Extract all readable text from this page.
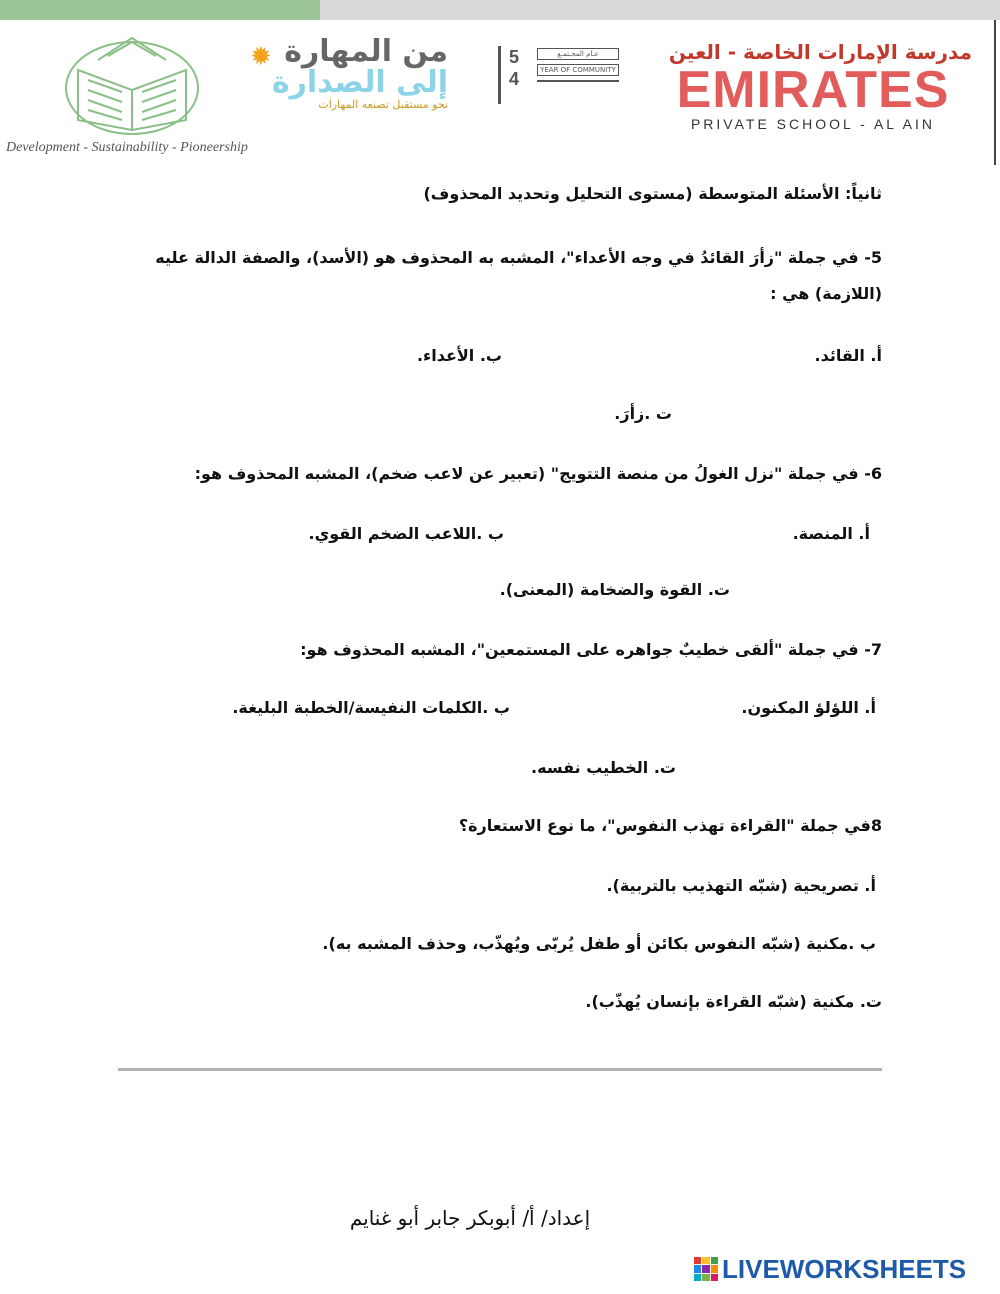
مدرسة الإمارات الخاصة - العين
EMIRATES
PRIVATE SCHOOL - AL AIN
5
4
عـام المجـتمـع
YEAR OF COMMUNITY
✹ من المهارة
إلى الصدارة
نحو مستقبل تصنعه المهارات
Development - Sustainability - Pioneership
ثانياً: الأسئلة المتوسطة (مستوى التحليل وتحديد المحذوف)
5- في جملة "زأرَ القائدُ في وجه الأعداء"، المشبه به المحذوف هو (الأسد)، والصفة الدالة عليه (اللازمة) هي :
أ. القائد.
ب. الأعداء.
ت .زأرَ.
6- في جملة "نزل الغولُ من منصة التتويج" (تعبير عن لاعب ضخم)، المشبه المحذوف هو:
أ. المنصة.
ب .اللاعب الضخم القوي.
ت. القوة والضخامة (المعنى).
7- في جملة "ألقى خطيبٌ جواهره على المستمعين"، المشبه المحذوف هو:
أ. اللؤلؤ المكنون.
ب .الكلمات النفيسة/الخطبة البليغة.
ت. الخطيب نفسه.
8في جملة "القراءة تهذب النفوس"، ما نوع الاستعارة؟
أ. تصريحية (شبّه التهذيب بالتربية).
ب .مكنية (شبّه النفوس بكائن أو طفل يُربّى ويُهذّب، وحذف المشبه به).
ت. مكنية (شبّه القراءة بإنسان يُهذّب).
إعداد/ أ/ أبوبكر جابر أبو غنايم
LIVEWORKSHEETS
